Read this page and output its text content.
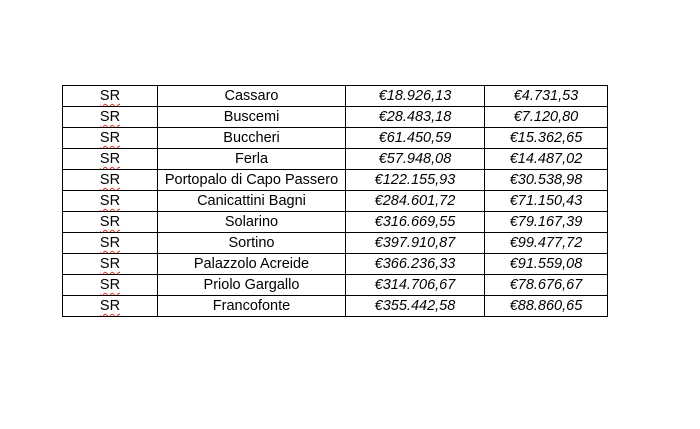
SR	Cassaro	€18.926,13	€4.731,53
SR	Buscemi	€28.483,18	€7.120,80
SR	Buccheri	€61.450,59	€15.362,65
SR	Ferla	€57.948,08	€14.487,02
SR	Portopalo di Capo Passero	€122.155,93	€30.538,98
SR	Canicattini Bagni	€284.601,72	€71.150,43
SR	Solarino	€316.669,55	€79.167,39
SR	Sortino	€397.910,87	€99.477,72
SR	Palazzolo Acreide	€366.236,33	€91.559,08
SR	Priolo Gargallo	€314.706,67	€78.676,67
SR	Francofonte	€355.442,58	€88.860,65
